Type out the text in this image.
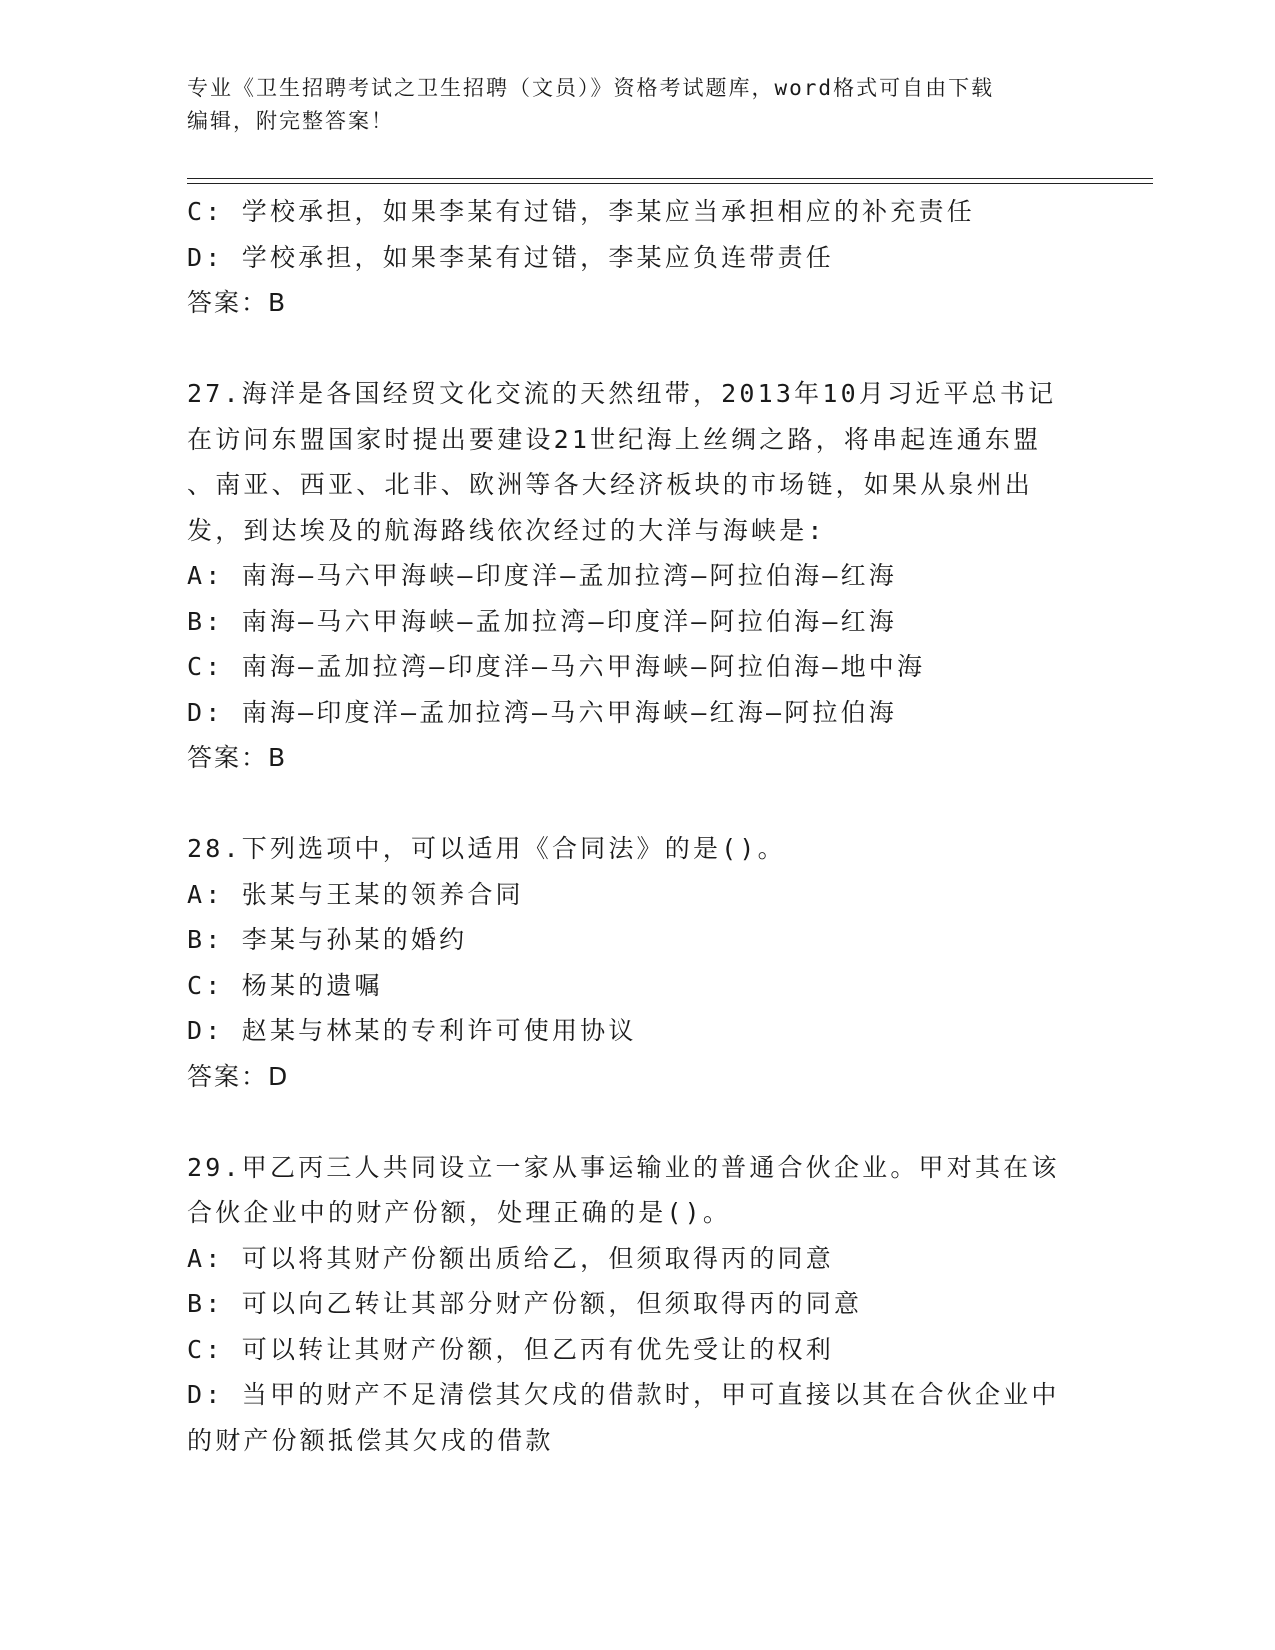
专业《卫生招聘考试之卫生招聘（文员）》资格考试题库，word格式可自由下载
编辑，附完整答案！
C: 学校承担，如果李某有过错，李某应当承担相应的补充责任
D: 学校承担，如果李某有过错，李某应负连带责任
答案：B
27.海洋是各国经贸文化交流的天然纽带，2013年10月习近平总书记
在访问东盟国家时提出要建设21世纪海上丝绸之路，将串起连通东盟
、南亚、西亚、北非、欧洲等各大经济板块的市场链，如果从泉州出
发，到达埃及的航海路线依次经过的大洋与海峡是:
A: 南海—马六甲海峡—印度洋—孟加拉湾—阿拉伯海—红海
B: 南海—马六甲海峡—孟加拉湾—印度洋—阿拉伯海—红海
C: 南海—孟加拉湾—印度洋—马六甲海峡—阿拉伯海—地中海
D: 南海—印度洋—孟加拉湾—马六甲海峡—红海—阿拉伯海
答案：B
28.下列选项中，可以适用《合同法》的是()。
A: 张某与王某的领养合同
B: 李某与孙某的婚约
C: 杨某的遗嘱
D: 赵某与林某的专利许可使用协议
答案：D
29.甲乙丙三人共同设立一家从事运输业的普通合伙企业。甲对其在该
合伙企业中的财产份额，处理正确的是()。
A: 可以将其财产份额出质给乙，但须取得丙的同意
B: 可以向乙转让其部分财产份额，但须取得丙的同意
C: 可以转让其财产份额，但乙丙有优先受让的权利
D: 当甲的财产不足清偿其欠戌的借款时，甲可直接以其在合伙企业中
的财产份额抵偿其欠戌的借款
